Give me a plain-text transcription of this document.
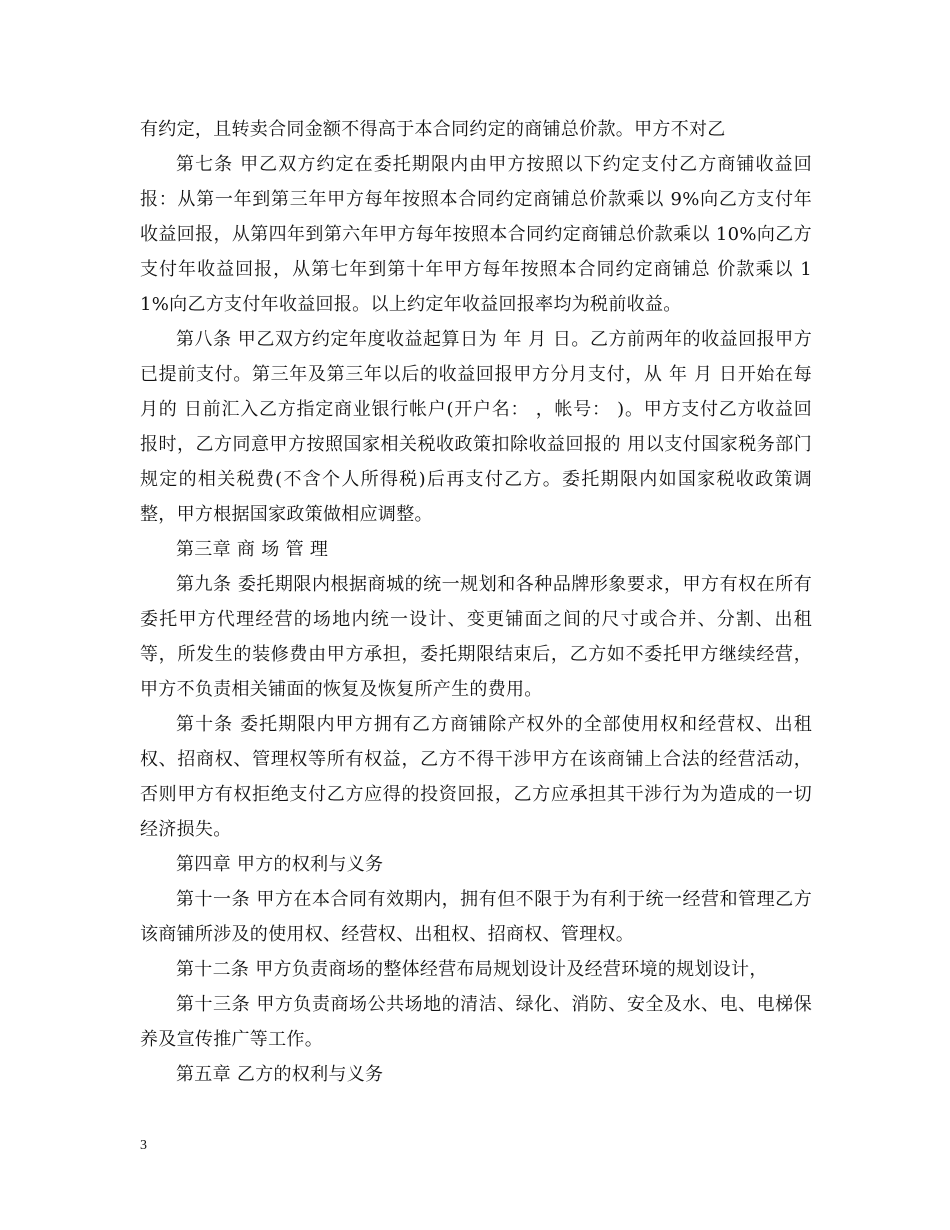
有约定，且转卖合同金额不得高于本合同约定的商铺总价款。甲方不对乙

第七条 甲乙双方约定在委托期限内由甲方按照以下约定支付乙方商铺收益回报：从第一年到第三年甲方每年按照本合同约定商铺总价款乘以 9%向乙方支付年收益回报，从第四年到第六年甲方每年按照本合同约定商铺总价款乘以 10%向乙方支付年收益回报，从第七年到第十年甲方每年按照本合同约定商铺总 价款乘以 11%向乙方支付年收益回报。以上约定年收益回报率均为税前收益。

第八条 甲乙双方约定年度收益起算日为 年 月 日。乙方前两年的收益回报甲方已提前支付。第三年及第三年以后的收益回报甲方分月支付，从 年 月 日开始在每月的 日前汇入乙方指定商业银行帐户(开户名： ，帐号： )。甲方支付乙方收益回报时，乙方同意甲方按照国家相关税收政策扣除收益回报的 用以支付国家税务部门规定的相关税费(不含个人所得税)后再支付乙方。委托期限内如国家税收政策调整，甲方根据国家政策做相应调整。

第三章 商 场 管 理

第九条 委托期限内根据商城的统一规划和各种品牌形象要求，甲方有权在所有委托甲方代理经营的场地内统一设计、变更铺面之间的尺寸或合并、分割、出租等，所发生的装修费由甲方承担，委托期限结束后，乙方如不委托甲方继续经营，甲方不负责相关铺面的恢复及恢复所产生的费用。

第十条 委托期限内甲方拥有乙方商铺除产权外的全部使用权和经营权、出租权、招商权、管理权等所有权益，乙方不得干涉甲方在该商铺上合法的经营活动，否则甲方有权拒绝支付乙方应得的投资回报，乙方应承担其干涉行为为造成的一切经济损失。

第四章 甲方的权利与义务

第十一条 甲方在本合同有效期内，拥有但不限于为有利于统一经营和管理乙方该商铺所涉及的使用权、经营权、出租权、招商权、管理权。

第十二条 甲方负责商场的整体经营布局规划设计及经营环境的规划设计，

第十三条 甲方负责商场公共场地的清洁、绿化、消防、安全及水、电、电梯保养及宣传推广等工作。

第五章 乙方的权利与义务

3
